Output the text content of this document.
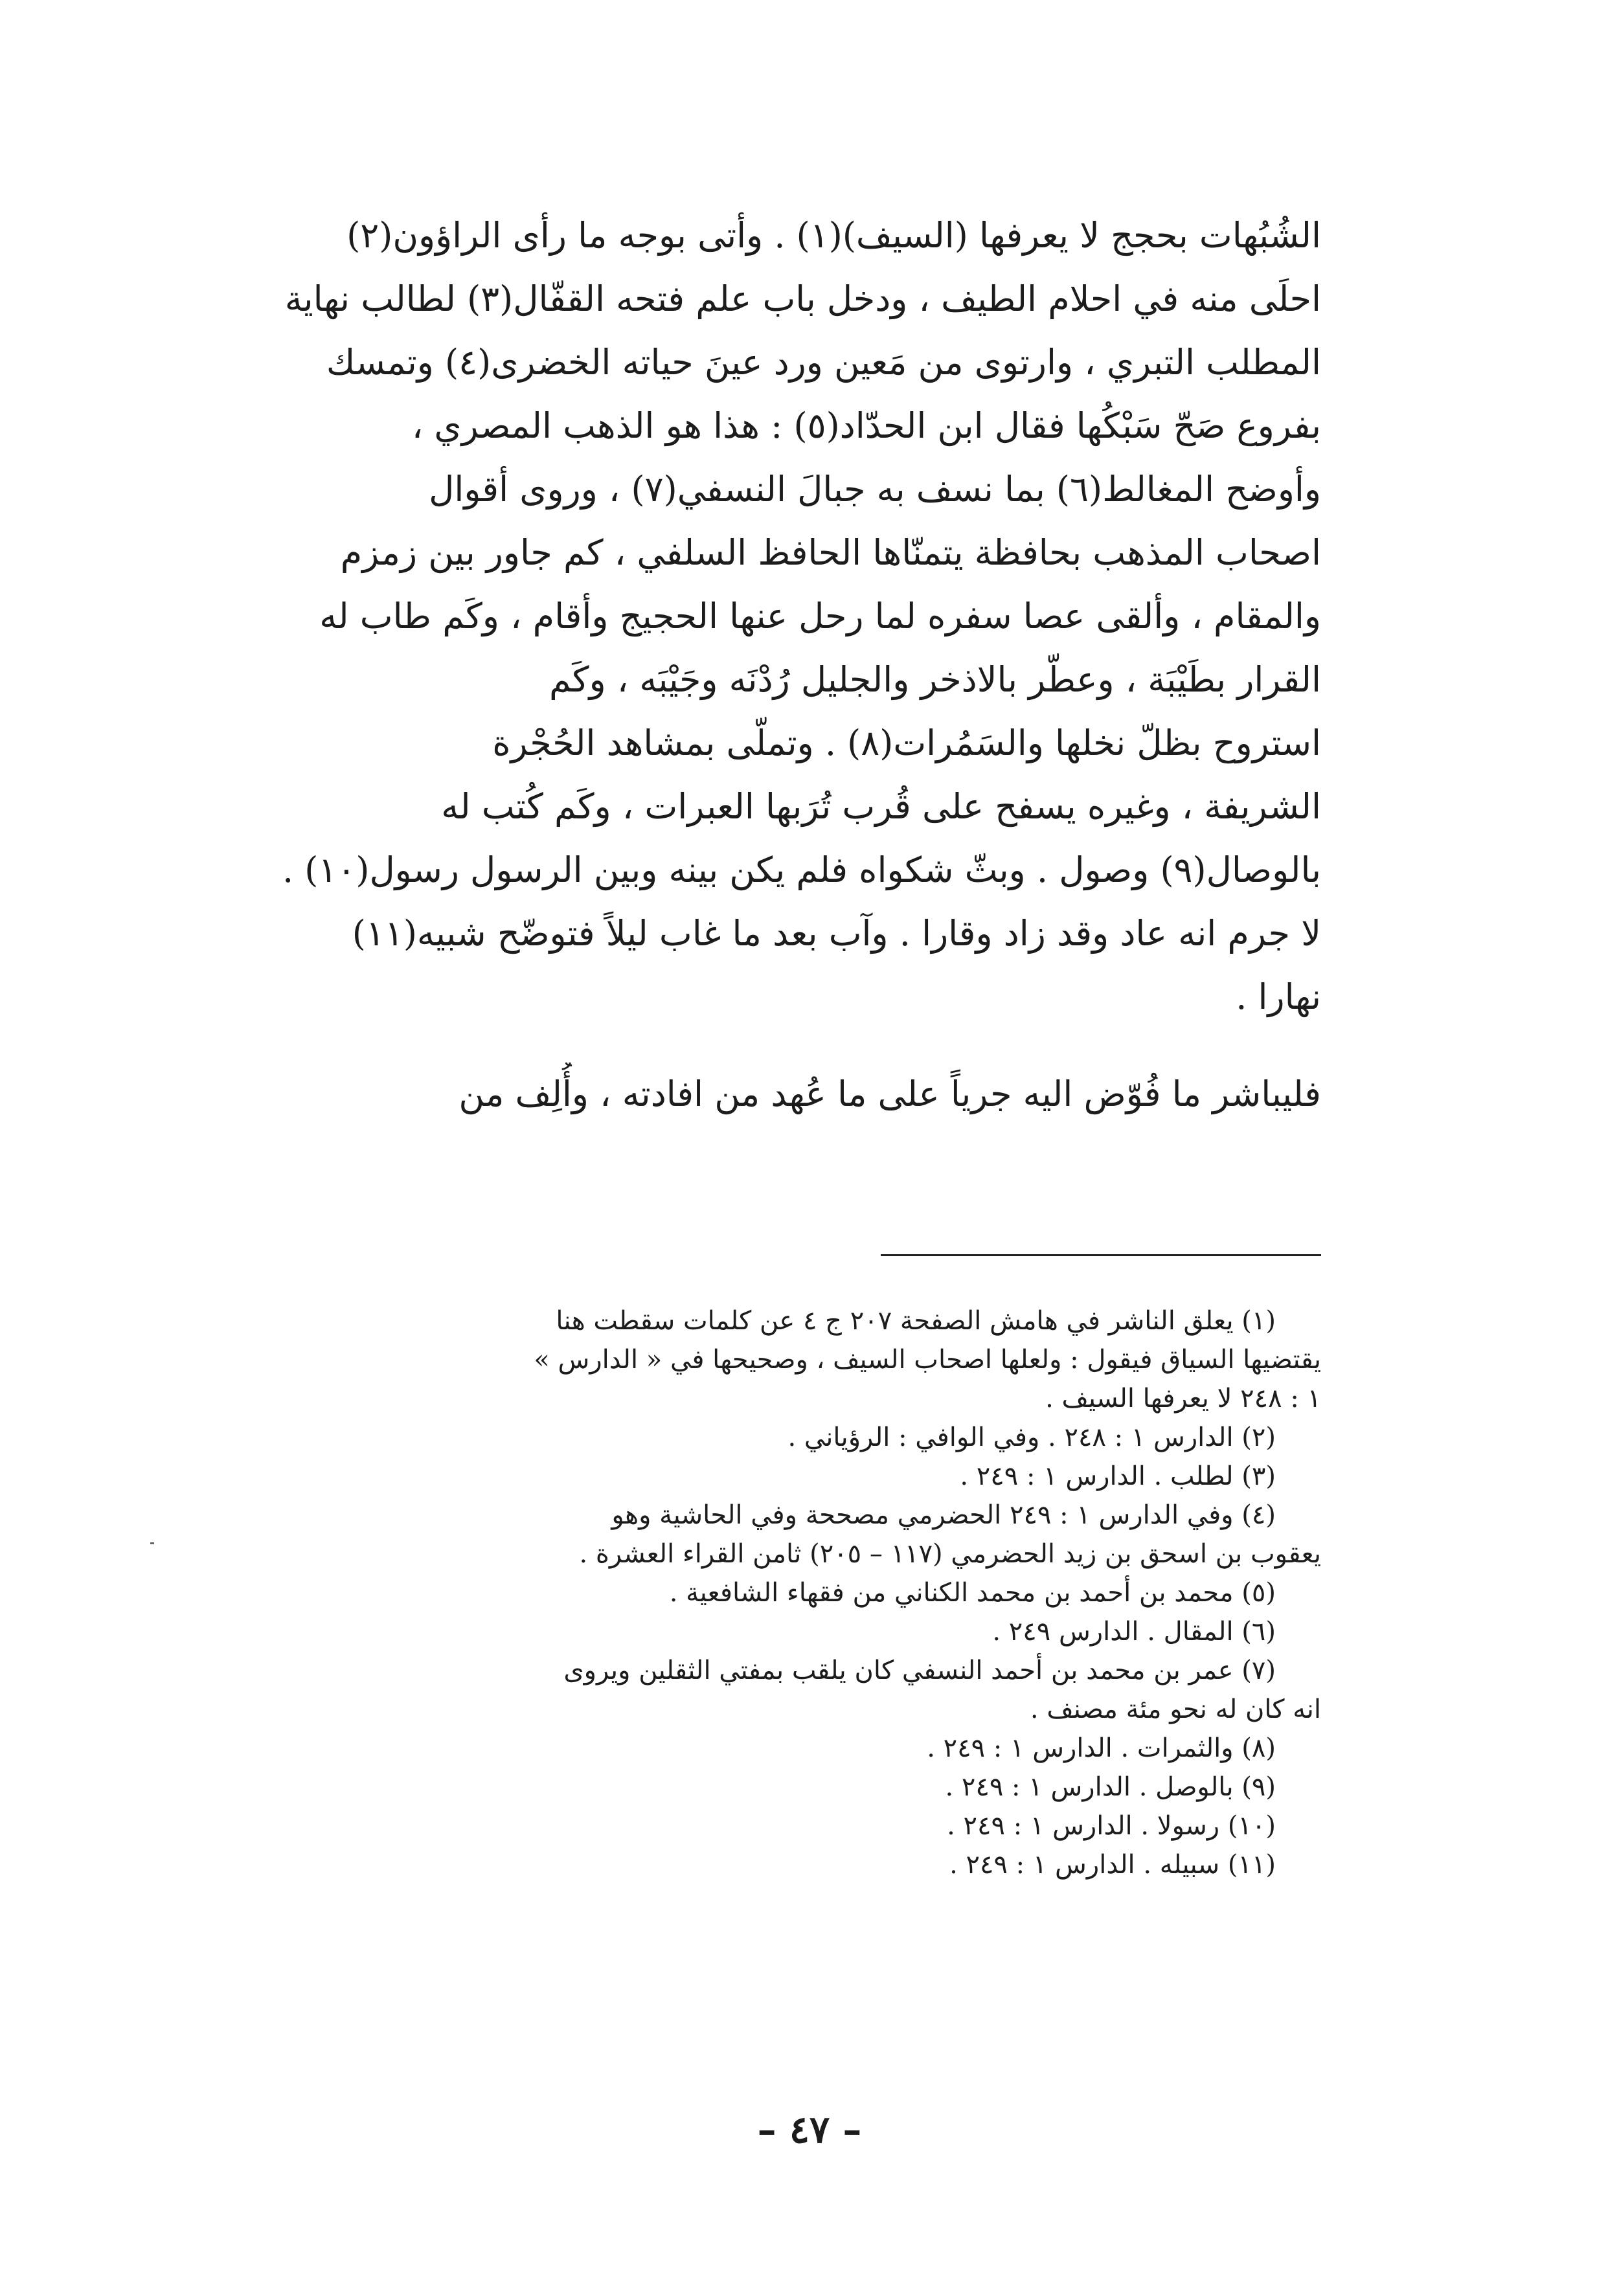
الشُبُهات بحجج لا يعرفها (السيف)(١) . وأتى بوجه ما رأى الراؤون(٢)
احلَى منه في احلام الطيف ، ودخل باب علم فتحه القفّال(٣) لطالب نهاية
المطلب التبري ، وارتوى من مَعين ورد عينَ حياته الخضرى(٤) وتمسك
بفروع صَحّ سَبْكُها فقال ابن الحدّاد(٥) : هذا هو الذهب المصري ،
وأوضح المغالط(٦) بما نسف به جبالَ النسفي(٧) ، وروى أقوال
اصحاب المذهب بحافظة يتمنّاها الحافظ السلفي ، كم جاور بين زمزم
والمقام ، وألقى عصا سفره لما رحل عنها الحجيج وأقام ، وكَم طاب له
القرار بطَيْبَة ، وعطّر بالاذخر والجليل رُدْنَه وجَيْبَه ، وكَم
استروح بظلّ نخلها والسَمُرات(٨) . وتملّى بمشاهد الحُجْرة
الشريفة ، وغيره يسفح على قُرب تُرَبها العبرات ، وكَم كُتب له
بالوصال(٩) وصول . وبثّ شكواه فلم يكن بينه وبين الرسول رسول(١٠) .
لا جرم انه عاد وقد زاد وقارا . وآب بعد ما غاب ليلاً فتوضّح شبيه(١١)
نهارا .
فليباشر ما فُوّض اليه جرياً على ما عُهد من افادته ، وأُلِف من
(١) يعلق الناشر في هامش الصفحة ٢٠٧ ج ٤ عن كلمات سقطت هنا
يقتضيها السياق فيقول : ولعلها اصحاب السيف ، وصحيحها في « الدارس »
١ : ٢٤٨ لا يعرفها السيف .
(٢) الدارس ١ : ٢٤٨ . وفي الوافي : الرؤياني .
(٣) لطلب . الدارس ١ : ٢٤٩ .
(٤) وفي الدارس ١ : ٢٤٩ الحضرمي مصححة وفي الحاشية وهو
يعقوب بن اسحق بن زيد الحضرمي (١١٧ – ٢٠٥) ثامن القراء العشرة .
(٥) محمد بن أحمد بن محمد الكناني من فقهاء الشافعية .
(٦) المقال . الدارس ٢٤٩ .
(٧) عمر بن محمد بن أحمد النسفي كان يلقب بمفتي الثقلين ويروى
انه كان له نحو مئة مصنف .
(٨) والثمرات . الدارس ١ : ٢٤٩ .
(٩) بالوصل . الدارس ١ : ٢٤٩ .
(١٠) رسولا . الدارس ١ : ٢٤٩ .
(١١) سبيله . الدارس ١ : ٢٤٩ .
– ٤٧ –
